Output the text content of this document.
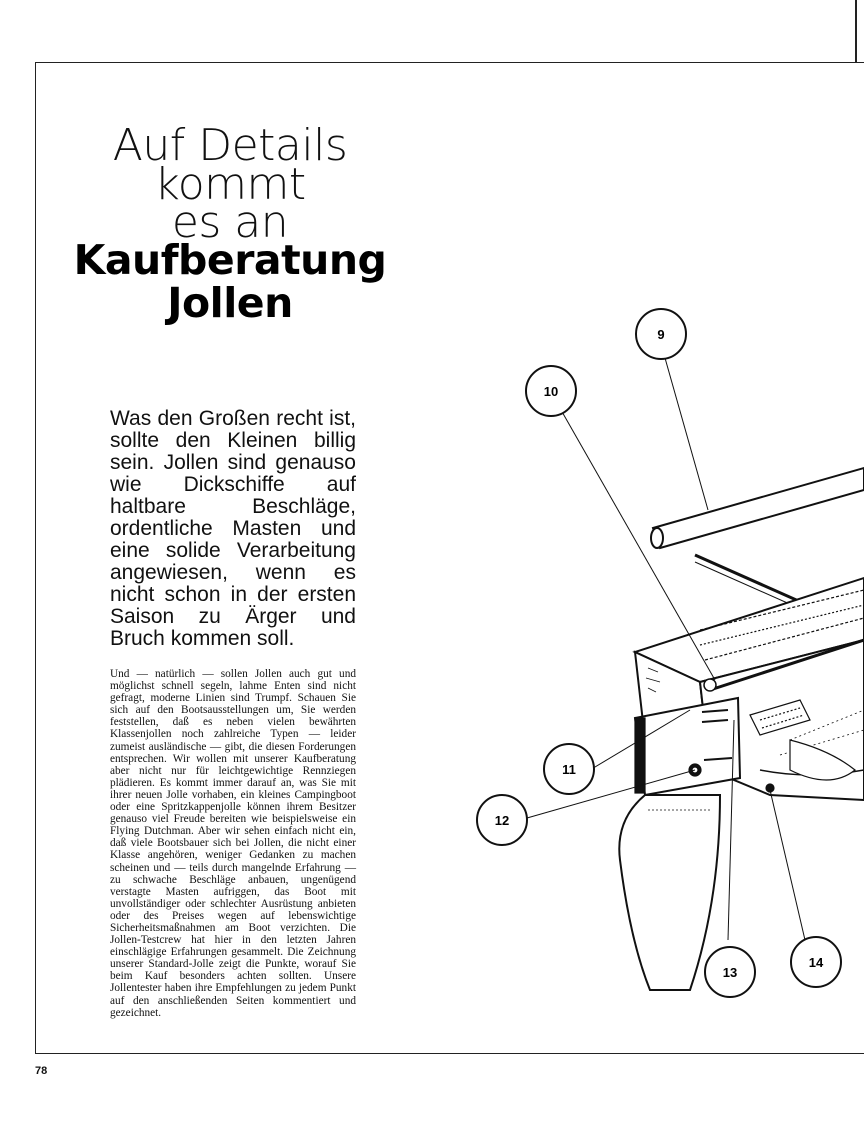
Auf Details
kommt
es an
Kaufberatung
Jollen
Was den Großen recht ist, sollte den Kleinen billig sein. Jollen sind genauso wie Dickschiffe auf haltbare Beschläge, ordentliche Masten und eine solide Verarbeitung angewiesen, wenn es nicht schon in der ersten Saison zu Ärger und Bruch kommen soll.
Und — natürlich — sollen Jollen auch gut und möglichst schnell segeln, lahme Enten sind nicht gefragt, moderne Linien sind Trumpf. Schauen Sie sich auf den Bootsausstellungen um, Sie werden feststellen, daß es neben vielen bewährten Klassenjollen noch zahlreiche Typen — leider zumeist ausländische — gibt, die diesen Forderungen entsprechen. Wir wollen mit unserer Kaufberatung aber nicht nur für leichtgewichtige Rennziegen plädieren. Es kommt immer darauf an, was Sie mit ihrer neuen Jolle vorhaben, ein kleines Campingboot oder eine Spritzkappenjolle können ihrem Besitzer genauso viel Freude bereiten wie beispielsweise ein Flying Dutchman. Aber wir sehen einfach nicht ein, daß viele Bootsbauer sich bei Jollen, die nicht einer Klasse angehören, weniger Gedanken zu machen scheinen und — teils durch mangelnde Erfahrung — zu schwache Beschläge anbauen, ungenügend verstagte Masten aufriggen, das Boot mit unvollständiger oder schlechter Ausrüstung anbieten oder des Preises wegen auf lebenswichtige Sicherheitsmaßnahmen am Boot verzichten. Die Jollen-Testcrew hat hier in den letzten Jahren einschlägige Erfahrungen gesammelt. Die Zeichnung unserer Standard-Jolle zeigt die Punkte, worauf Sie beim Kauf besonders achten sollten. Unsere Jollentester haben ihre Empfehlungen zu jedem Punkt auf den anschließenden Seiten kommentiert und gezeichnet.
78
9
10
11
12
13
14
